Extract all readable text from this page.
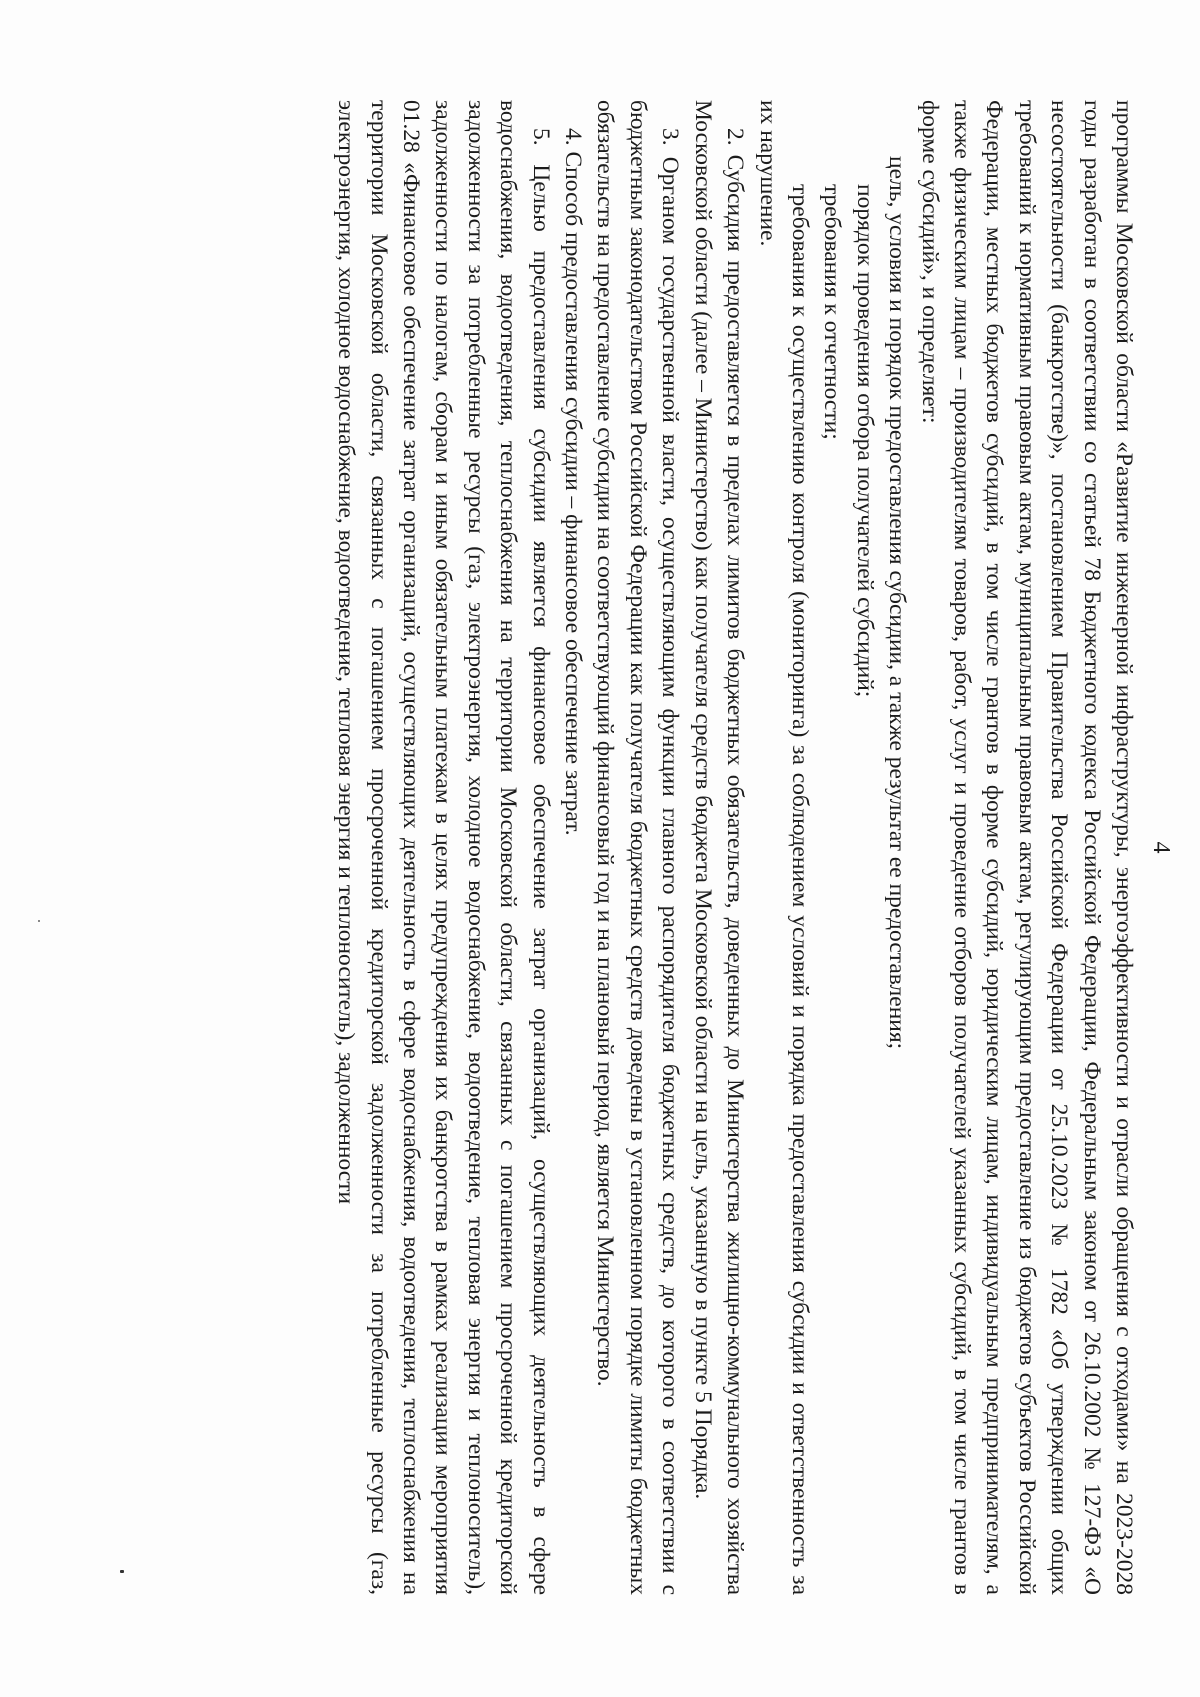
4

программы Московской области «Развитие инженерной инфраструктуры, энергоэффективности и отрасли обращения с отходами» на 2023-2028 годы разработан в соответствии со статьей 78 Бюджетного кодекса Российской Федерации, Федеральным законом от 26.10.2002 № 127-ФЗ «О несостоятельности (банкротстве)», постановлением Правительства Российской Федерации от 25.10.2023 № 1782 «Об утверждении общих требований к нормативным правовым актам, муниципальным правовым актам, регулирующим предоставление из бюджетов субъектов Российской Федерации, местных бюджетов субсидий, в том числе грантов в форме субсидий, юридическим лицам, индивидуальным предпринимателям, а также физическим лицам – производителям товаров, работ, услуг и проведение отборов получателей указанных субсидий, в том числе грантов в форме субсидий», и определяет:

цель, условия и порядок предоставления субсидии, а также результат ее предоставления;

порядок проведения отбора получателей субсидий;

требования к отчетности;

требования к осуществлению контроля (мониторинга) за соблюдением условий и порядка предоставления субсидии и ответственность за их нарушение.

2. Субсидия предоставляется в пределах лимитов бюджетных обязательств, доведенных до Министерства жилищно-коммунального хозяйства Московской области (далее – Министерство) как получателя средств бюджета Московской области на цель, указанную в пункте 5 Порядка.

3. Органом государственной власти, осуществляющим функции главного распорядителя бюджетных средств, до которого в соответствии с бюджетным законодательством Российской Федерации как получателя бюджетных средств доведены в установленном порядке лимиты бюджетных обязательств на предоставление субсидии на соответствующий финансовый год и на плановый период, является Министерство.

4. Способ предоставления субсидии – финансовое обеспечение затрат.

5. Целью предоставления субсидии является финансовое обеспечение затрат организаций, осуществляющих деятельность в сфере водоснабжения, водоотведения, теплоснабжения на территории Московской области, связанных с погашением просроченной кредиторской задолженности за потребленные ресурсы (газ, электроэнергия, холодное водоснабжение, водоотведение, тепловая энергия и теплоноситель), задолженности по налогам, сборам и иным обязательным платежам в целях предупреждения их банкротства в рамках реализации мероприятия 01.28 «Финансовое обеспечение затрат организаций, осуществляющих деятельность в сфере водоснабжения, водоотведения, теплоснабжения на территории Московской области, связанных с погашением просроченной кредиторской задолженности за потребленные ресурсы (газ, электроэнергия, холодное водоснабжение, водоотведение, тепловая энергия и теплоноситель), задолженности
